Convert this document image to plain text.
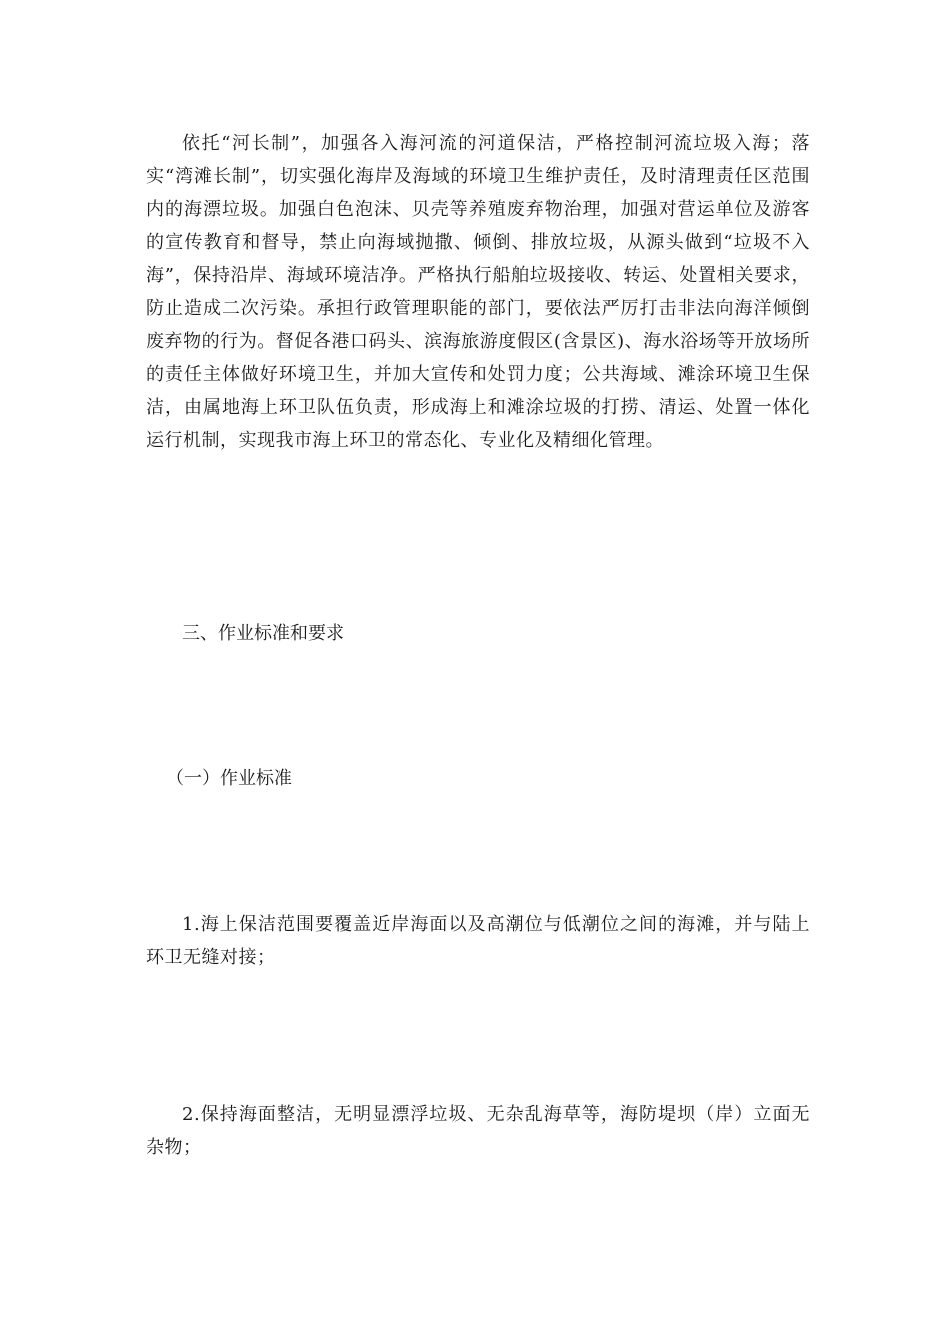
依托“河长制”，加强各入海河流的河道保洁，严格控制河流垃圾入海；落实“湾滩长制”，切实强化海岸及海域的环境卫生维护责任，及时清理责任区范围内的海漂垃圾。加强白色泡沫、贝壳等养殖废弃物治理，加强对营运单位及游客的宣传教育和督导，禁止向海域抛撒、倾倒、排放垃圾，从源头做到“垃圾不入海”，保持沿岸、海域环境洁净。严格执行船舶垃圾接收、转运、处置相关要求，防止造成二次污染。承担行政管理职能的部门，要依法严厉打击非法向海洋倾倒废弃物的行为。督促各港口码头、滨海旅游度假区(含景区)、海水浴场等开放场所的责任主体做好环境卫生，并加大宣传和处罚力度；公共海域、滩涂环境卫生保洁，由属地海上环卫队伍负责，形成海上和滩涂垃圾的打捞、清运、处置一体化运行机制，实现我市海上环卫的常态化、专业化及精细化管理。

三、作业标准和要求

（一）作业标准

1.海上保洁范围要覆盖近岸海面以及高潮位与低潮位之间的海滩，并与陆上环卫无缝对接；

2.保持海面整洁，无明显漂浮垃圾、无杂乱海草等，海防堤坝（岸）立面无杂物；
